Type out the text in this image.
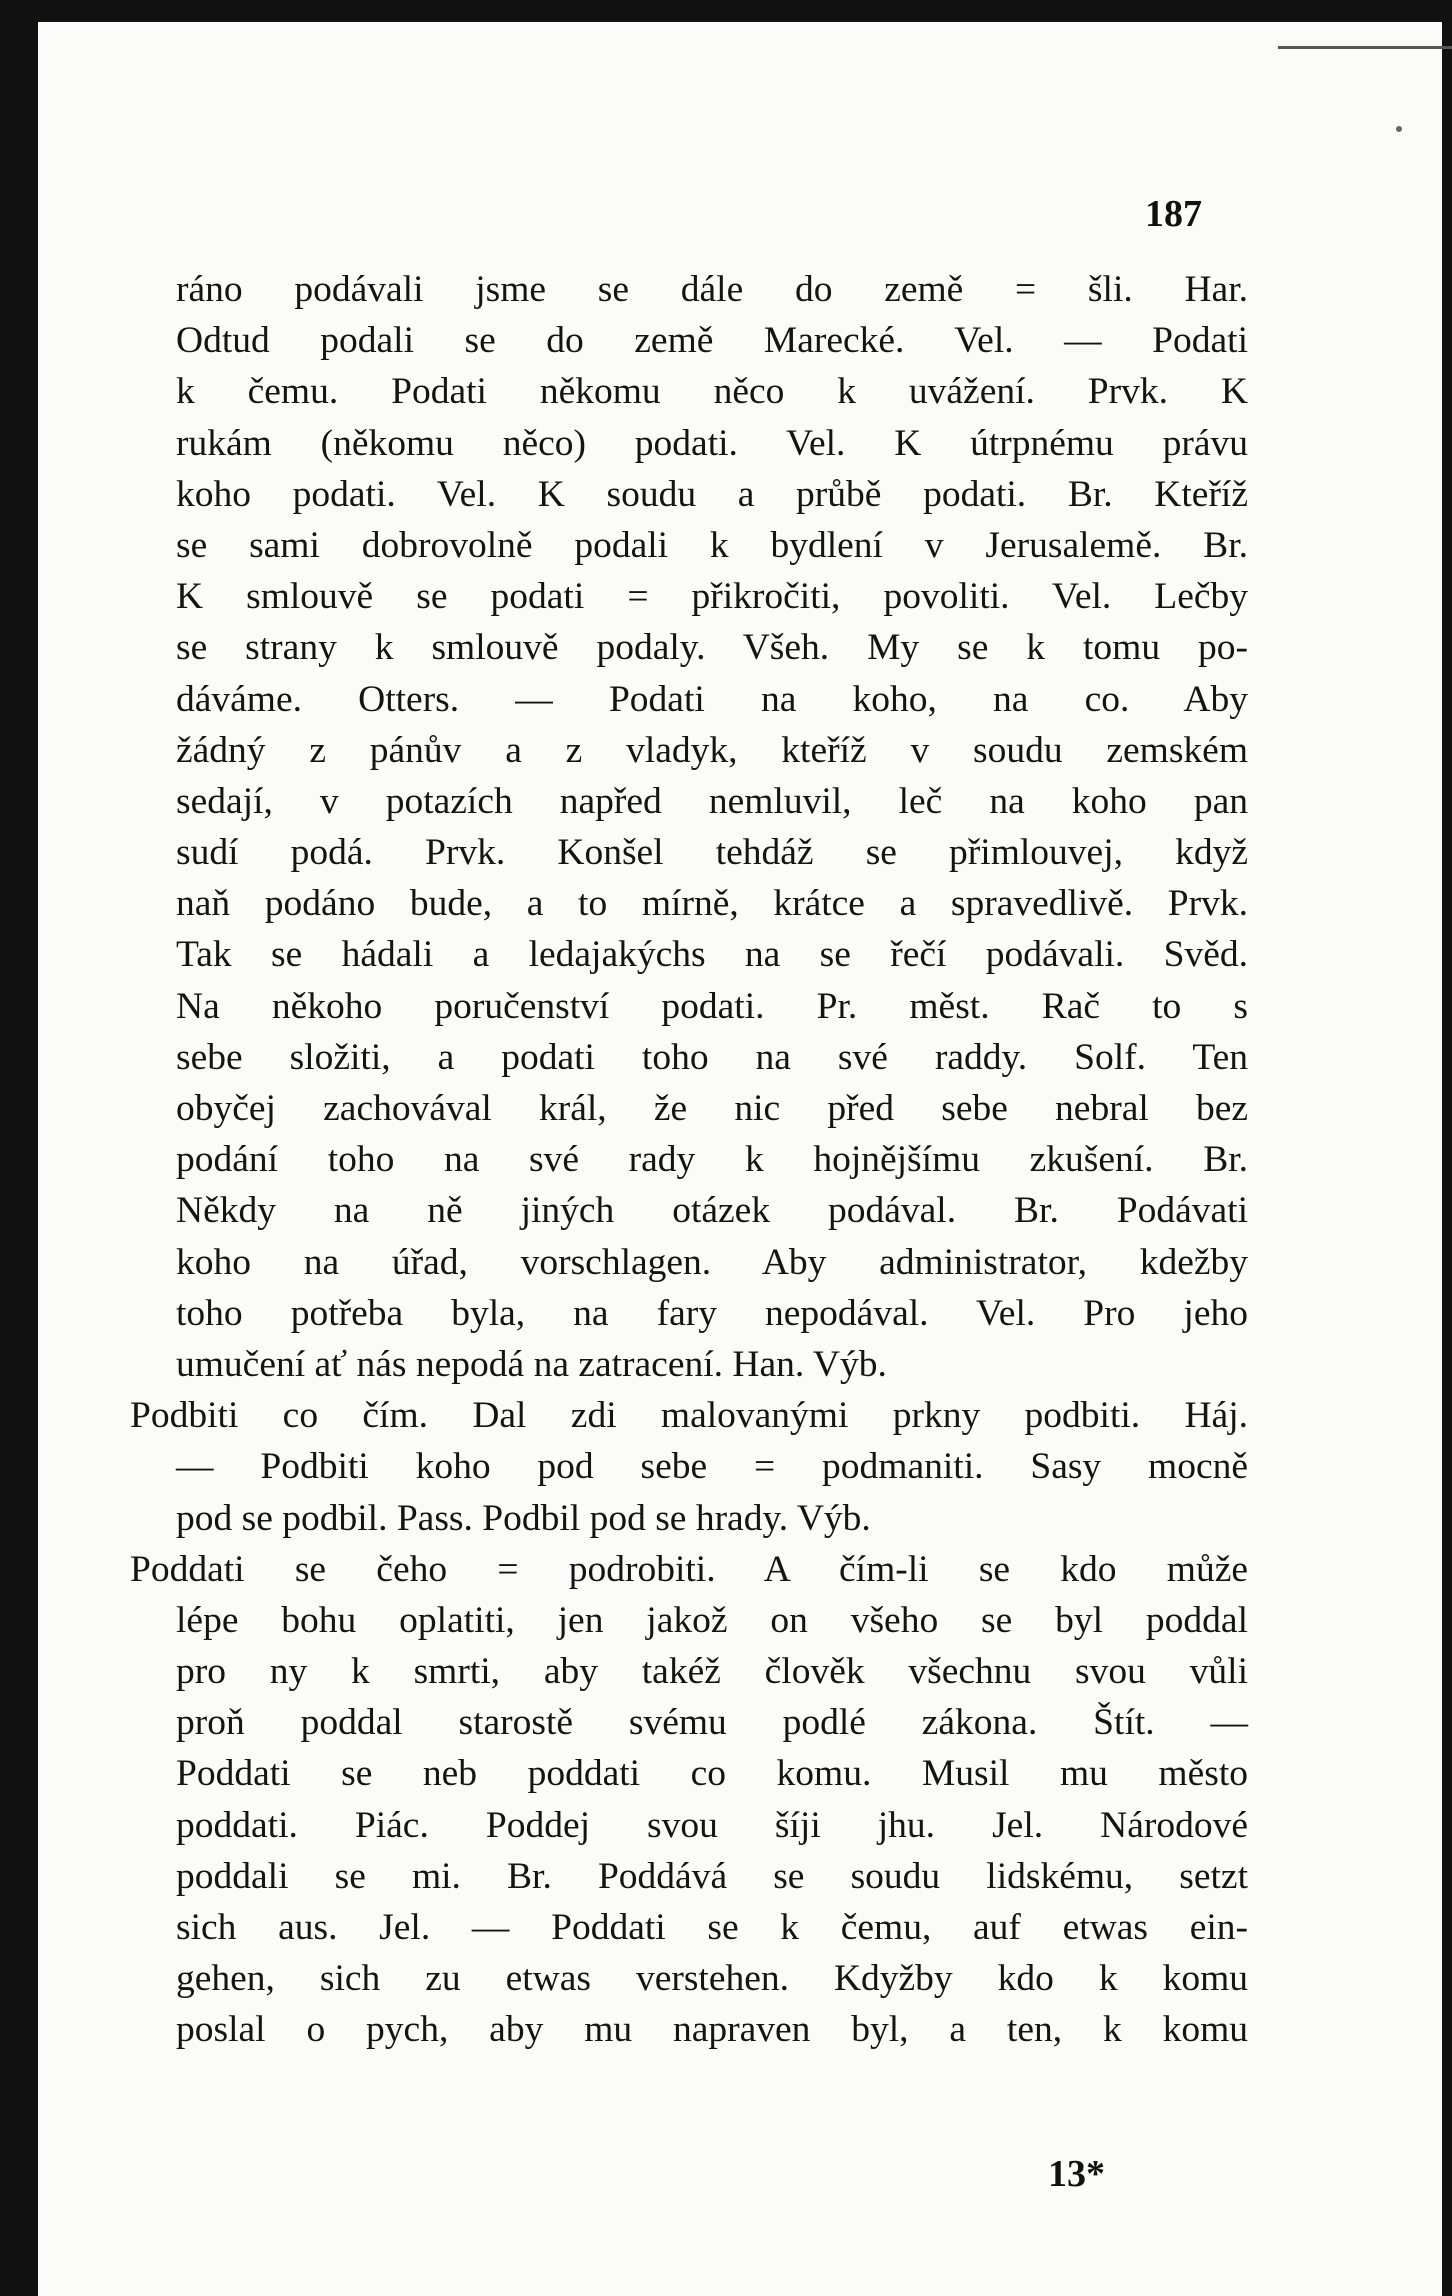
187
ráno podávali jsme se dále do země = šli. Har.
Odtud podali se do země Marecké. Vel. — Podati
k čemu. Podati někomu něco k uvážení. Prvk. K
rukám (někomu něco) podati. Vel. K útrpnému právu
koho podati. Vel. K soudu a průbě podati. Br. Kteříž
se sami dobrovolně podali k bydlení v Jerusalemě. Br.
K smlouvě se podati = přikročiti, povoliti. Vel. Lečby
se strany k smlouvě podaly. Všeh. My se k tomu po-
dáváme. Otters. — Podati na koho, na co. Aby
žádný z pánův a z vladyk, kteříž v soudu zemském
sedají, v potazích napřed nemluvil, leč na koho pan
sudí podá. Prvk. Konšel tehdáž se přimlouvej, když
naň podáno bude, a to mírně, krátce a spravedlivě. Prvk.
Tak se hádali a ledajakýchs na se řečí podávali. Svěd.
Na někoho poručenství podati. Pr. měst. Rač to s
sebe složiti, a podati toho na své raddy. Solf. Ten
obyčej zachovával král, že nic před sebe nebral bez
podání toho na své rady k hojnějšímu zkušení. Br.
Někdy na ně jiných otázek podával. Br. Podávati
koho na úřad, vorschlagen. Aby administrator, kdežby
toho potřeba byla, na fary nepodával. Vel. Pro jeho
umučení ať nás nepodá na zatracení. Han. Výb.
Podbiti co čím. Dal zdi malovanými prkny podbiti. Háj.
— Podbiti koho pod sebe = podmaniti. Sasy mocně
pod se podbil. Pass. Podbil pod se hrady. Výb.
Poddati se čeho = podrobiti. A čím-li se kdo může
lépe bohu oplatiti, jen jakož on všeho se byl poddal
pro ny k smrti, aby takéž člověk všechnu svou vůli
proň poddal starostě svému podlé zákona. Štít. —
Poddati se neb poddati co komu. Musil mu město
poddati. Piác. Poddej svou šíji jhu. Jel. Národové
poddali se mi. Br. Poddává se soudu lidskému, setzt
sich aus. Jel. — Poddati se k čemu, auf etwas ein-
gehen, sich zu etwas verstehen. Kdyžby kdo k komu
poslal o pych, aby mu napraven byl, a ten, k komu
13*
